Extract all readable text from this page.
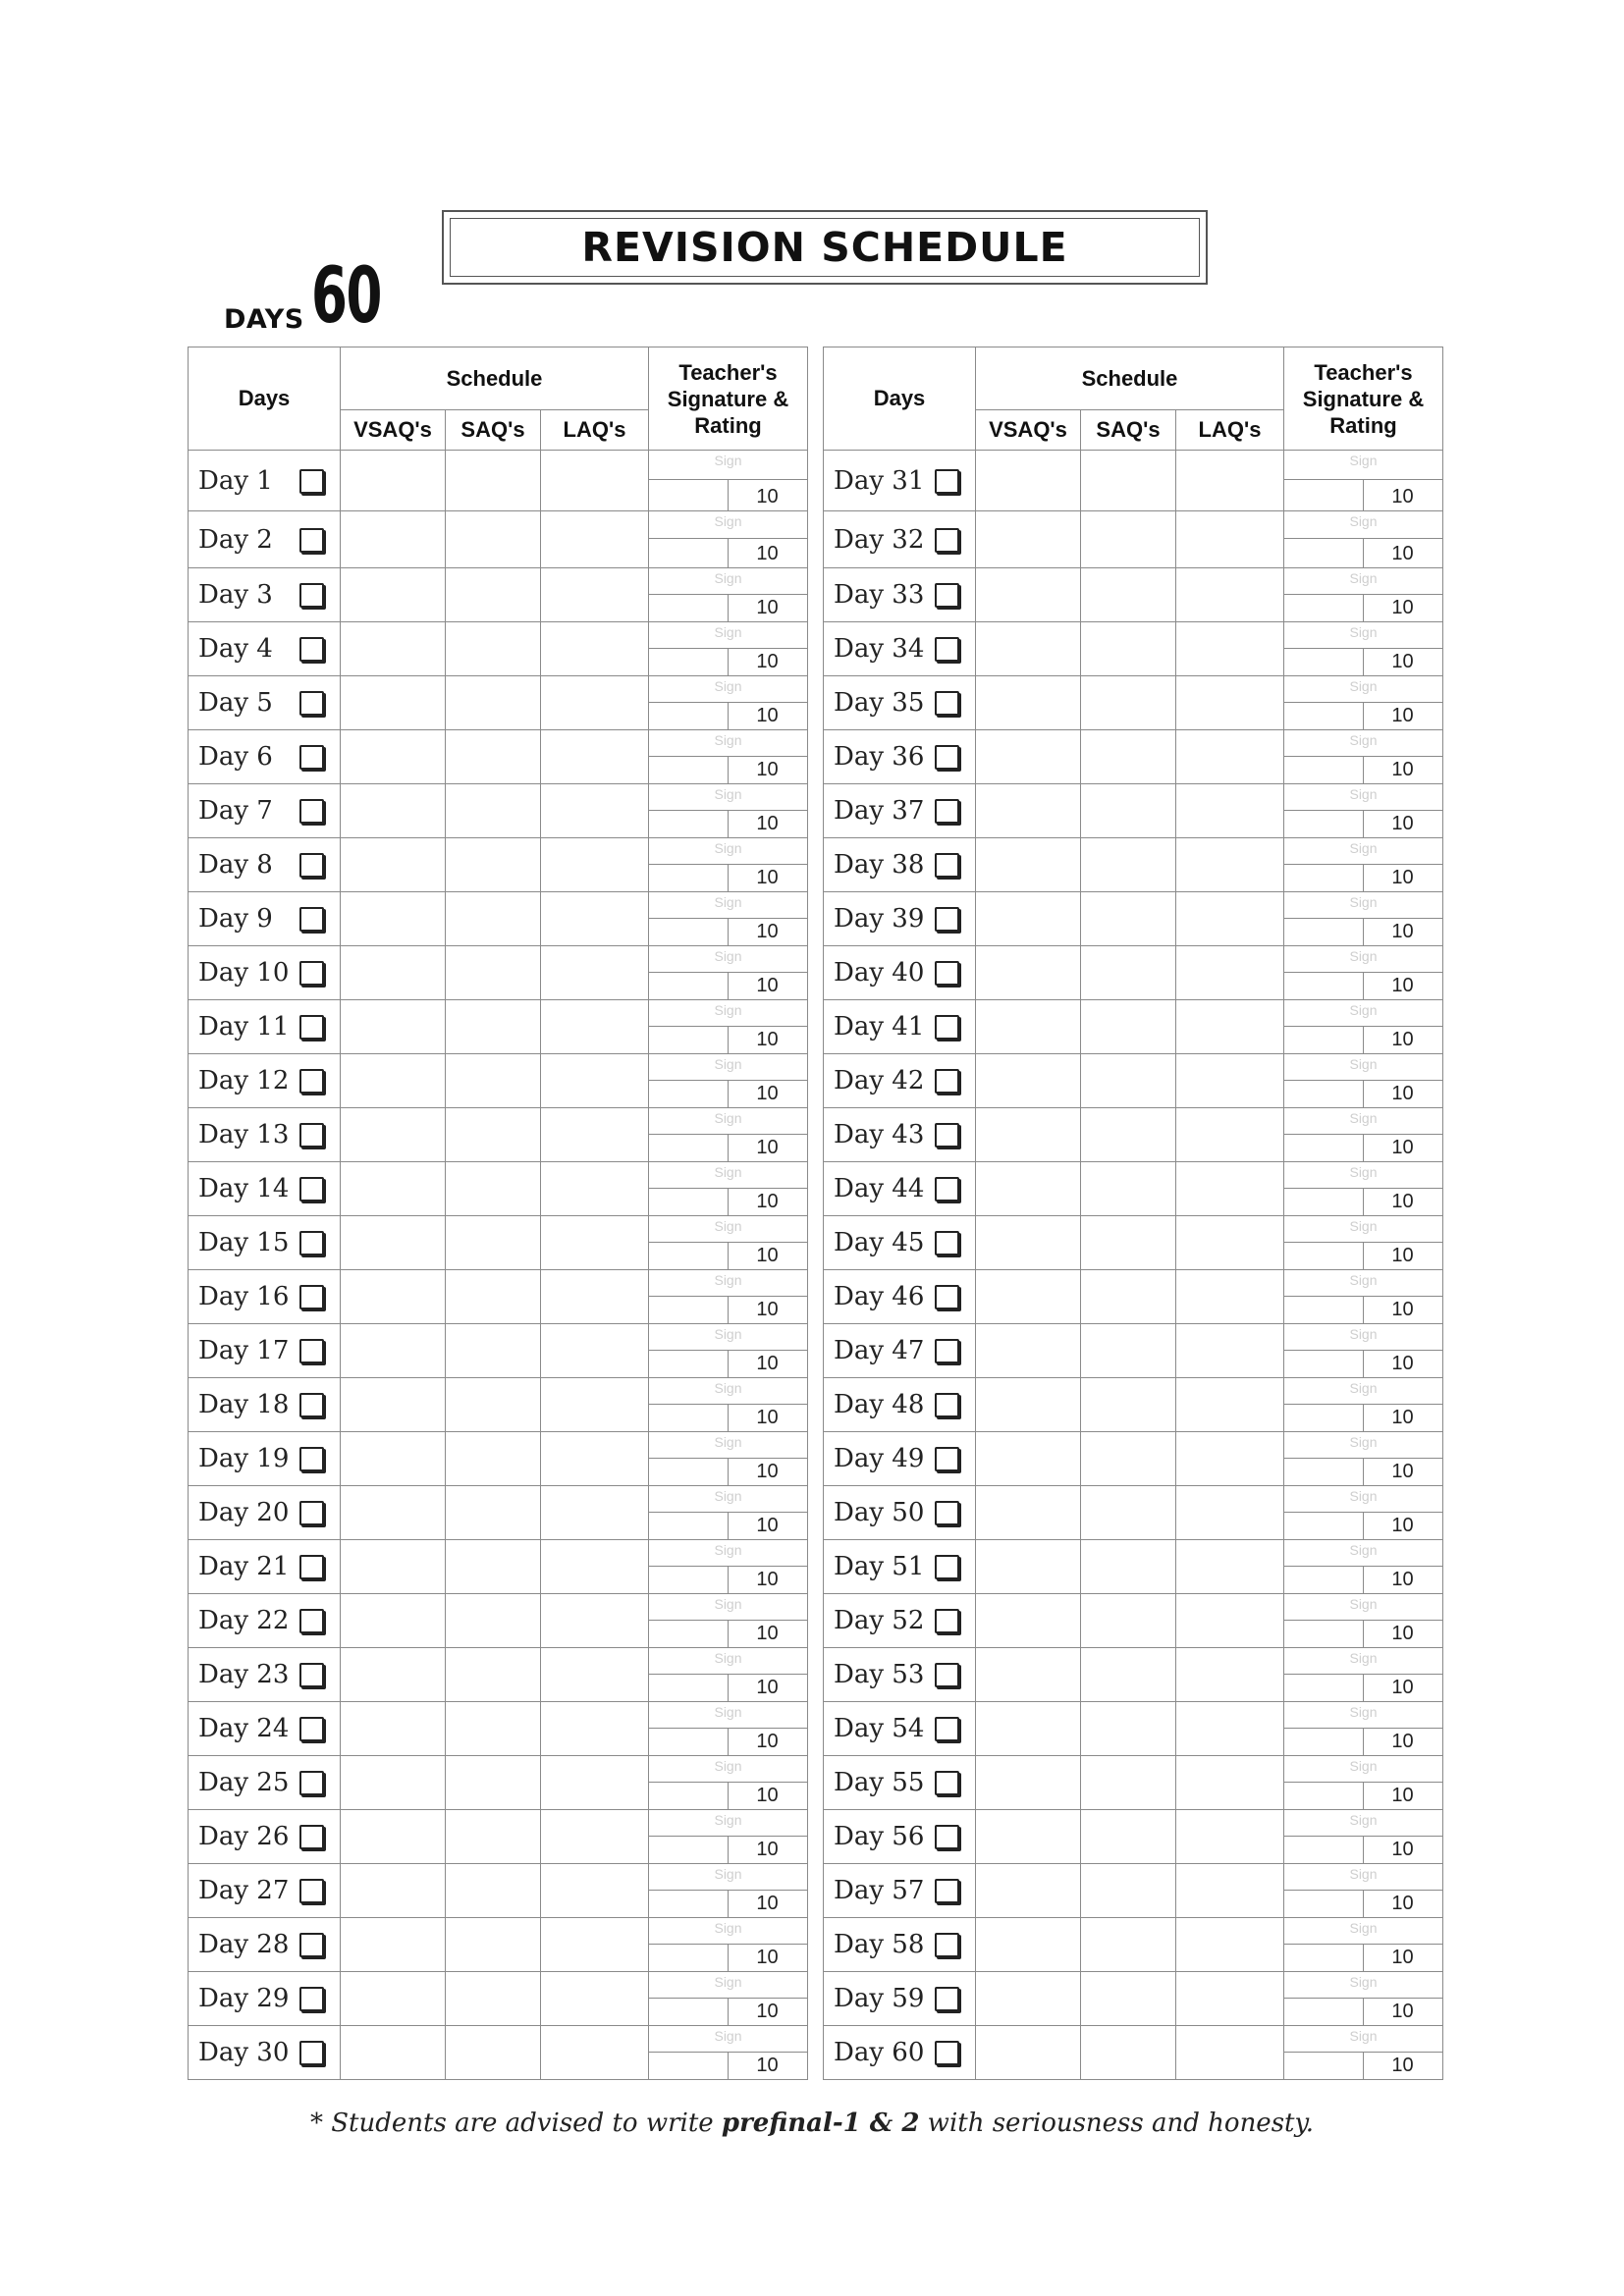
REVISION SCHEDULE
DAYS 60
Days	Schedule			Teacher's
Signature &
Rating

	VSAQ's	SAQ's	LAQ's	

Day 1				Sign
10

Day 2				Sign
10

Day 3				Sign
10

Day 4				Sign
10

Day 5				Sign
10

Day 6				Sign
10

Day 7				Sign
10

Day 8				Sign
10

Day 9				Sign
10

Day 10				Sign
10

Day 11				Sign
10

Day 12				Sign
10

Day 13				Sign
10

Day 14				Sign
10

Day 15				Sign
10

Day 16				Sign
10

Day 17				Sign
10

Day 18				Sign
10

Day 19				Sign
10

Day 20				Sign
10

Day 21				Sign
10

Day 22				Sign
10

Day 23				Sign
10

Day 24				Sign
10

Day 25				Sign
10

Day 26				Sign
10

Day 27				Sign
10

Day 28				Sign
10

Day 29				Sign
10

Day 30				Sign
10
Days	Schedule			Teacher's
Signature &
Rating

	VSAQ's	SAQ's	LAQ's	

Day 31				Sign
10

Day 32				Sign
10

Day 33				Sign
10

Day 34				Sign
10

Day 35				Sign
10

Day 36				Sign
10

Day 37				Sign
10

Day 38				Sign
10

Day 39				Sign
10

Day 40				Sign
10

Day 41				Sign
10

Day 42				Sign
10

Day 43				Sign
10

Day 44				Sign
10

Day 45				Sign
10

Day 46				Sign
10

Day 47				Sign
10

Day 48				Sign
10

Day 49				Sign
10

Day 50				Sign
10

Day 51				Sign
10

Day 52				Sign
10

Day 53				Sign
10

Day 54				Sign
10

Day 55				Sign
10

Day 56				Sign
10

Day 57				Sign
10

Day 58				Sign
10

Day 59				Sign
10

Day 60				Sign
10
* Students are advised to write prefinal-1 & 2 with seriousness and honesty.
